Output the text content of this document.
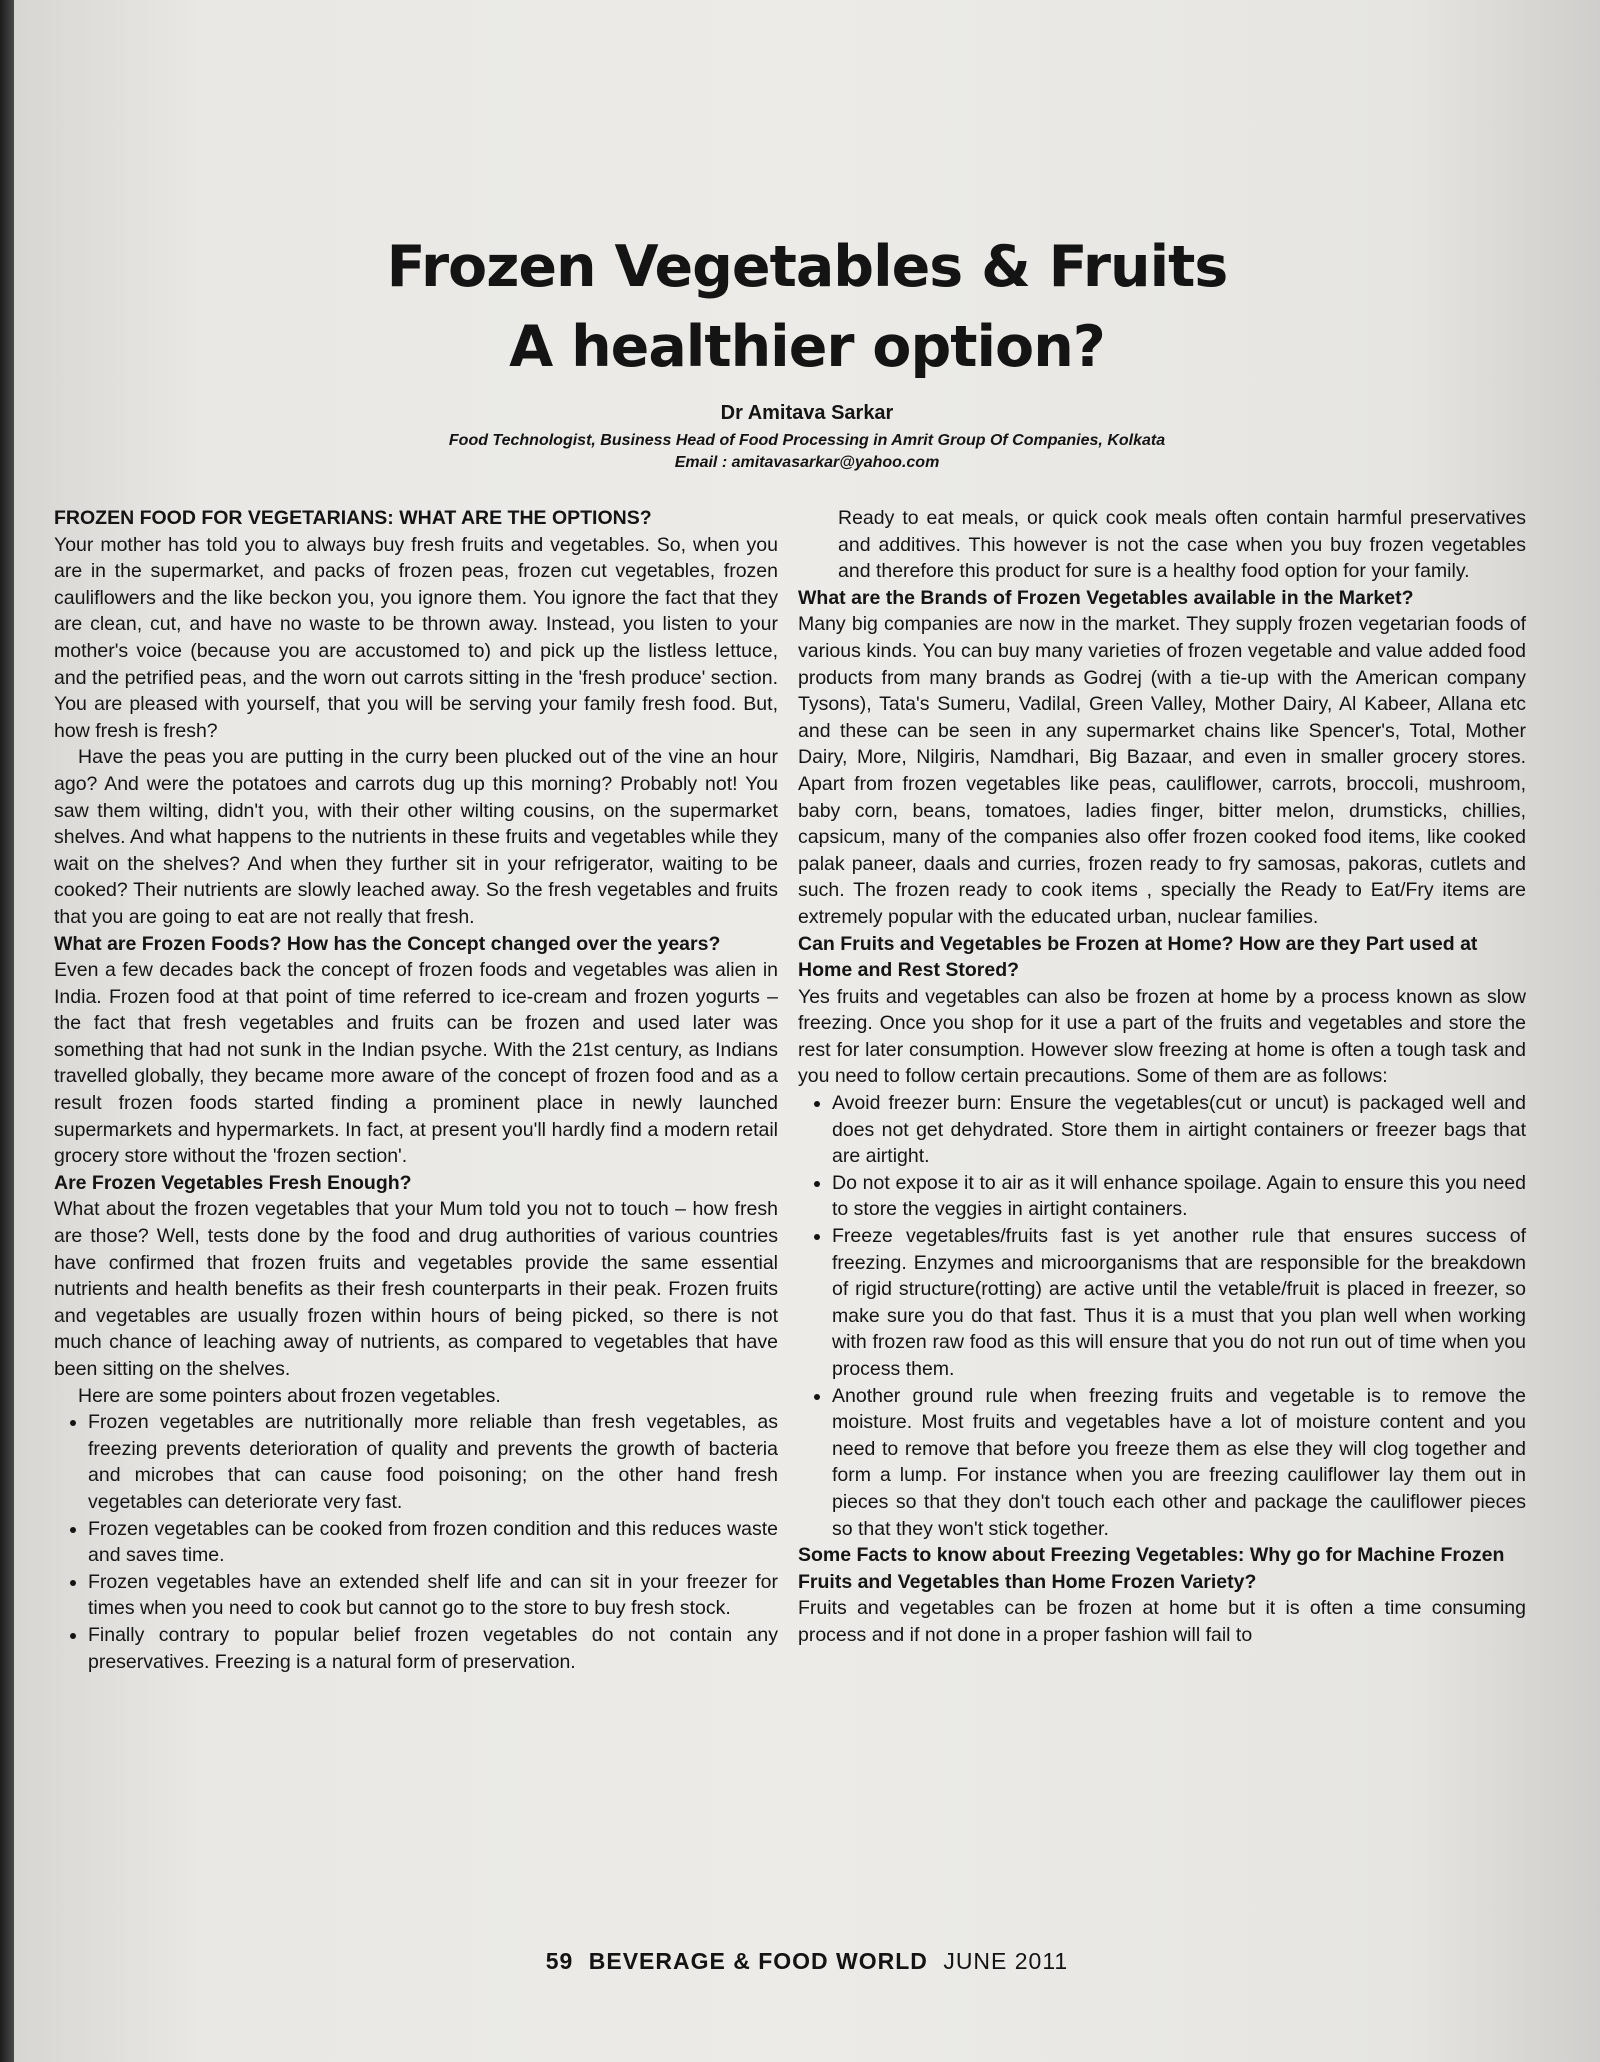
Frozen Vegetables & Fruits
A healthier option?
Dr Amitava Sarkar
Food Technologist, Business Head of Food Processing in Amrit Group Of Companies, Kolkata
Email : amitavasarkar@yahoo.com
FROZEN FOOD FOR VEGETARIANS: WHAT ARE THE OPTIONS?

Your mother has told you to always buy fresh fruits and vegetables. So, when you are in the supermarket, and packs of frozen peas, frozen cut vegetables, frozen cauliflowers and the like beckon you, you ignore them. You ignore the fact that they are clean, cut, and have no waste to be thrown away. Instead, you listen to your mother's voice (because you are accustomed to) and pick up the listless lettuce, and the petrified peas, and the worn out carrots sitting in the 'fresh produce' section. You are pleased with yourself, that you will be serving your family fresh food. But, how fresh is fresh?

Have the peas you are putting in the curry been plucked out of the vine an hour ago? And were the potatoes and carrots dug up this morning? Probably not! You saw them wilting, didn't you, with their other wilting cousins, on the supermarket shelves. And what happens to the nutrients in these fruits and vegetables while they wait on the shelves? And when they further sit in your refrigerator, waiting to be cooked? Their nutrients are slowly leached away. So the fresh vegetables and fruits that you are going to eat are not really that fresh.

What are Frozen Foods? How has the Concept changed over the years?

Even a few decades back the concept of frozen foods and vegetables was alien in India. Frozen food at that point of time referred to ice-cream and frozen yogurts – the fact that fresh vegetables and fruits can be frozen and used later was something that had not sunk in the Indian psyche. With the 21st century, as Indians travelled globally, they became more aware of the concept of frozen food and as a result frozen foods started finding a prominent place in newly launched supermarkets and hypermarkets. In fact, at present you'll hardly find a modern retail grocery store without the 'frozen section'.

Are Frozen Vegetables Fresh Enough?

What about the frozen vegetables that your Mum told you not to touch – how fresh are those? Well, tests done by the food and drug authorities of various countries have confirmed that frozen fruits and vegetables provide the same essential nutrients and health benefits as their fresh counterparts in their peak. Frozen fruits and vegetables are usually frozen within hours of being picked, so there is not much chance of leaching away of nutrients, as compared to vegetables that have been sitting on the shelves.

Here are some pointers about frozen vegetables.

• Frozen vegetables are nutritionally more reliable than fresh vegetables, as freezing prevents deterioration of quality and prevents the growth of bacteria and microbes that can cause food poisoning; on the other hand fresh vegetables can deteriorate very fast.
• Frozen vegetables can be cooked from frozen condition and this reduces waste and saves time.
• Frozen vegetables have an extended shelf life and can sit in your freezer for times when you need to cook but cannot go to the store to buy fresh stock.
• Finally contrary to popular belief frozen vegetables do not contain any preservatives. Freezing is a natural form of preservation.

Ready to eat meals, or quick cook meals often contain harmful preservatives and additives. This however is not the case when you buy frozen vegetables and therefore this product for sure is a healthy food option for your family.

What are the Brands of Frozen Vegetables available in the Market?

Many big companies are now in the market. They supply frozen vegetarian foods of various kinds. You can buy many varieties of frozen vegetable and value added food products from many brands as Godrej (with a tie-up with the American company Tysons), Tata's Sumeru, Vadilal, Green Valley, Mother Dairy, Al Kabeer, Allana etc and these can be seen in any supermarket chains like Spencer's, Total, Mother Dairy, More, Nilgiris, Namdhari, Big Bazaar, and even in smaller grocery stores. Apart from frozen vegetables like peas, cauliflower, carrots, broccoli, mushroom, baby corn, beans, tomatoes, ladies finger, bitter melon, drumsticks, chillies, capsicum, many of the companies also offer frozen cooked food items, like cooked palak paneer, daals and curries, frozen ready to fry samosas, pakoras, cutlets and such. The frozen ready to cook items , specially the Ready to Eat/Fry items are extremely popular with the educated urban, nuclear families.

Can Fruits and Vegetables be Frozen at Home? How are they Part used at Home and Rest Stored?

Yes fruits and vegetables can also be frozen at home by a process known as slow freezing. Once you shop for it use a part of the fruits and vegetables and store the rest for later consumption. However slow freezing at home is often a tough task and you need to follow certain precautions. Some of them are as follows:

• Avoid freezer burn: Ensure the vegetables(cut or uncut) is packaged well and does not get dehydrated. Store them in airtight containers or freezer bags that are airtight.
• Do not expose it to air as it will enhance spoilage. Again to ensure this you need to store the veggies in airtight containers.
• Freeze vegetables/fruits fast is yet another rule that ensures success of freezing. Enzymes and microorganisms that are responsible for the breakdown of rigid structure(rotting) are active until the vetable/fruit is placed in freezer, so make sure you do that fast. Thus it is a must that you plan well when working with frozen raw food as this will ensure that you do not run out of time when you process them.
• Another ground rule when freezing fruits and vegetable is to remove the moisture. Most fruits and vegetables have a lot of moisture content and you need to remove that before you freeze them as else they will clog together and form a lump. For instance when you are freezing cauliflower lay them out in pieces so that they don't touch each other and package the cauliflower pieces so that they won't stick together.
Some Facts to know about Freezing Vegetables: Why go for Machine Frozen Fruits and Vegetables than Home Frozen Variety?

Fruits and vegetables can be frozen at home but it is often a time consuming process and if not done in a proper fashion will fail to

59 BEVERAGE & FOOD WORLD JUNE 2011
